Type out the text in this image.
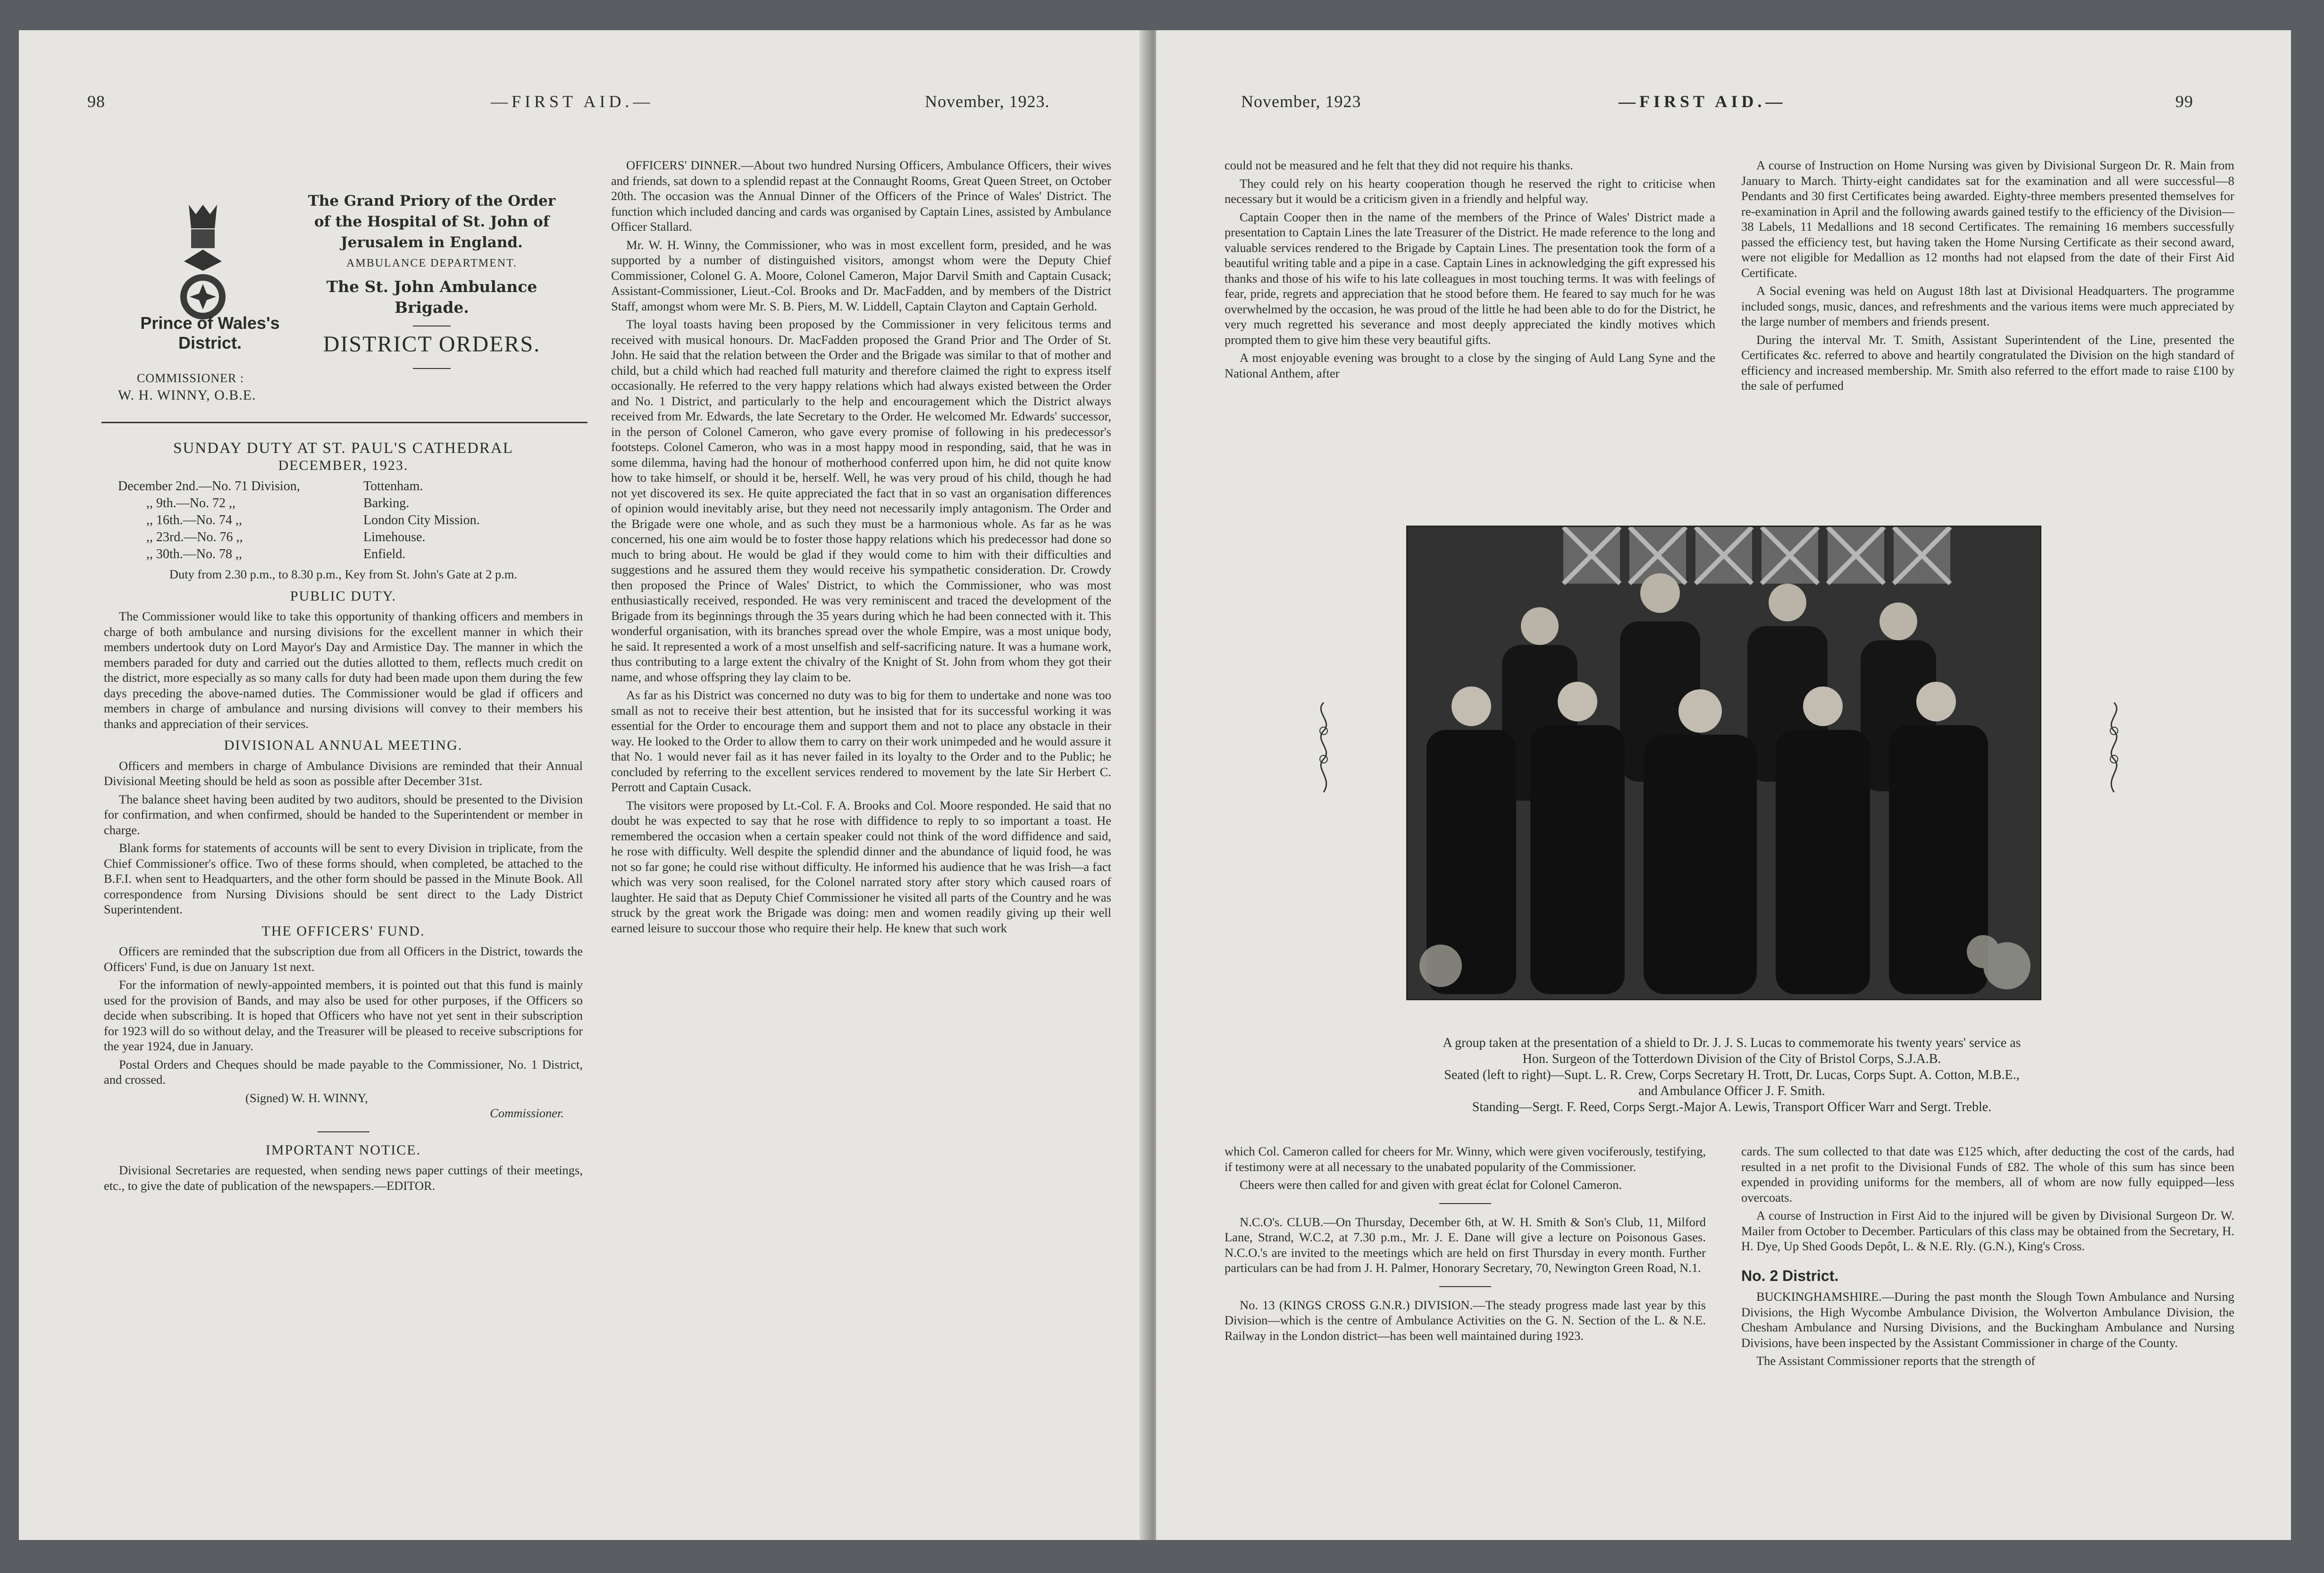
98	—FIRST AID.—	November, 1923.
The Grand Priory of the Order
of the Hospital of St. John of
Jerusalem in England.
AMBULANCE DEPARTMENT.
The St. John Ambulance Brigade.
DISTRICT ORDERS.
Prince of Wales's
District.
COMMISSIONER :
W. H. WINNY, O.B.E.
SUNDAY DUTY AT ST. PAUL'S CATHEDRAL
DECEMBER, 1923.
December 2nd.—No. 71 Division,	Tottenham.
,, 9th.—No. 72 ,,	Barking.
,, 16th.—No. 74 ,,	London City Mission.
,, 23rd.—No. 76 ,,	Limehouse.
,, 30th.—No. 78 ,,	Enfield.

Duty from 2.30 p.m., to 8.30 p.m., Key from St. John's Gate at 2 p.m.

PUBLIC DUTY.

The Commissioner would like to take this opportunity of thanking officers and members in charge of both ambulance and nursing divisions for the excellent manner in which their members undertook duty on Lord Mayor's Day and Armistice Day. The manner in which the members paraded for duty and carried out the duties allotted to them, reflects much credit on the district, more especially as so many calls for duty had been made upon them during the few days preceding the above-named duties. The Commissioner would be glad if officers and members in charge of ambulance and nursing divisions will convey to their members his thanks and appreciation of their services.

DIVISIONAL ANNUAL MEETING.

Officers and members in charge of Ambulance Divisions are reminded that their Annual Divisional Meeting should be held as soon as possible after December 31st.

The balance sheet having been audited by two auditors, should be presented to the Division for confirmation, and when confirmed, should be handed to the Superintendent or member in charge.

Blank forms for statements of accounts will be sent to every Division in triplicate, from the Chief Commissioner's office. Two of these forms should, when completed, be attached to the B.F.I. when sent to Headquarters, and the other form should be passed in the Minute Book. All correspondence from Nursing Divisions should be sent direct to the Lady District Superintendent.

THE OFFICERS' FUND.

Officers are reminded that the subscription due from all Officers in the District, towards the Officers' Fund, is due on January 1st next.

For the information of newly-appointed members, it is pointed out that this fund is mainly used for the provision of Bands, and may also be used for other purposes, if the Officers so decide when subscribing. It is hoped that Officers who have not yet sent in their subscription for 1923 will do so without delay, and the Treasurer will be pleased to receive subscriptions for the year 1924, due in January.

Postal Orders and Cheques should be made payable to the Commissioner, No. 1 District, and crossed.

(Signed) W. H. WINNY,
Commissioner.
IMPORTANT NOTICE.

Divisional Secretaries are requested, when sending news paper cuttings of their meetings, etc., to give the date of publication of the newspapers.—EDITOR.

OFFICERS' DINNER.—About two hundred Nursing Officers, Ambulance Officers, their wives and friends, sat down to a splendid repast at the Connaught Rooms, Great Queen Street, on October 20th. The occasion was the Annual Dinner of the Officers of the Prince of Wales' District. The function which included dancing and cards was organised by Captain Lines, assisted by Ambulance Officer Stallard.

Mr. W. H. Winny, the Commissioner, who was in most excellent form, presided, and he was supported by a number of distinguished visitors, amongst whom were the Deputy Chief Commissioner, Colonel G. A. Moore, Colonel Cameron, Major Darvil Smith and Captain Cusack; Assistant-Commissioner, Lieut.-Col. Brooks and Dr. MacFadden, and by members of the District Staff, amongst whom were Mr. S. B. Piers, M. W. Liddell, Captain Clayton and Captain Gerhold.

The loyal toasts having been proposed by the Commissioner in very felicitous terms and received with musical honours. Dr. MacFadden proposed the Grand Prior and The Order of St. John. He said that the relation between the Order and the Brigade was similar to that of mother and child, but a child which had reached full maturity and therefore claimed the right to express itself occasionally. He referred to the very happy relations which had always existed between the Order and No. 1 District, and particularly to the help and encouragement which the District always received from Mr. Edwards, the late Secretary to the Order. He welcomed Mr. Edwards' successor, in the person of Colonel Cameron, who gave every promise of following in his predecessor's footsteps. Colonel Cameron, who was in a most happy mood in responding, said, that he was in some dilemma, having had the honour of motherhood conferred upon him, he did not quite know how to take himself, or should it be, herself. Well, he was very proud of his child, though he had not yet discovered its sex. He quite appreciated the fact that in so vast an organisation differences of opinion would inevitably arise, but they need not necessarily imply antagonism. The Order and the Brigade were one whole, and as such they must be a harmonious whole. As far as he was concerned, his one aim would be to foster those happy relations which his predecessor had done so much to bring about. He would be glad if they would come to him with their difficulties and suggestions and he assured them they would receive his sympathetic consideration. Dr. Crowdy then proposed the Prince of Wales' District, to which the Commissioner, who was most enthusiastically received, responded. He was very reminiscent and traced the development of the Brigade from its beginnings through the 35 years during which he had been connected with it. This wonderful organisation, with its branches spread over the whole Empire, was a most unique body, he said. It represented a work of a most unselfish and self-sacrificing nature. It was a humane work, thus contributing to a large extent the chivalry of the Knight of St. John from whom they got their name, and whose offspring they lay claim to be.

As far as his District was concerned no duty was to big for them to undertake and none was too small as not to receive their best attention, but he insisted that for its successful working it was essential for the Order to encourage them and support them and not to place any obstacle in their way. He looked to the Order to allow them to carry on their work unimpeded and he would assure it that No. 1 would never fail as it has never failed in its loyalty to the Order and to the Public; he concluded by referring to the excellent services rendered to movement by the late Sir Herbert C. Perrott and Captain Cusack.

The visitors were proposed by Lt.-Col. F. A. Brooks and Col. Moore responded. He said that no doubt he was expected to say that he rose with diffidence to reply to so important a toast. He remembered the occasion when a certain speaker could not think of the word diffidence and said, he rose with difficulty. Well despite the splendid dinner and the abundance of liquid food, he was not so far gone; he could rise without difficulty. He informed his audience that he was Irish—a fact which was very soon realised, for the Colonel narrated story after story which caused roars of laughter. He said that as Deputy Chief Commissioner he visited all parts of the Country and he was struck by the great work the Brigade was doing: men and women readily giving up their well earned leisure to succour those who require their help. He knew that such work

November, 1923	—FIRST AID.—	99

could not be measured and he felt that they did not require his thanks.

They could rely on his hearty cooperation though he reserved the right to criticise when necessary but it would be a criticism given in a friendly and helpful way.

Captain Cooper then in the name of the members of the Prince of Wales' District made a presentation to Captain Lines the late Treasurer of the District. He made reference to the long and valuable services rendered to the Brigade by Captain Lines. The presentation took the form of a beautiful writing table and a pipe in a case. Captain Lines in acknowledging the gift expressed his thanks and those of his wife to his late colleagues in most touching terms. It was with feelings of fear, pride, regrets and appreciation that he stood before them. He feared to say much for he was overwhelmed by the occasion, he was proud of the little he had been able to do for the District, he very much regretted his severance and most deeply appreciated the kindly motives which prompted them to give him these very beautiful gifts.

A most enjoyable evening was brought to a close by the singing of Auld Lang Syne and the National Anthem, after

A course of Instruction on Home Nursing was given by Divisional Surgeon Dr. R. Main from January to March. Thirty-eight candidates sat for the examination and all were successful—8 Pendants and 30 first Certificates being awarded. Eighty-three members presented themselves for re-examination in April and the following awards gained testify to the efficiency of the Division—38 Labels, 11 Medallions and 18 second Certificates. The remaining 16 members successfully passed the efficiency test, but having taken the Home Nursing Certificate as their second award, were not eligible for Medallion as 12 months had not elapsed from the date of their First Aid Certificate.

A Social evening was held on August 18th last at Divisional Headquarters. The programme included songs, music, dances, and refreshments and the various items were much appreciated by the large number of members and friends present.

During the interval Mr. T. Smith, Assistant Superintendent of the Line, presented the Certificates &c. referred to above and heartily congratulated the Division on the high standard of efficiency and increased membership. Mr. Smith also referred to the effort made to raise £100 by the sale of perfumed

A group taken at the presentation of a shield to Dr. J. J. S. Lucas to commemorate his twenty years' service as
Hon. Surgeon of the Totterdown Division of the City of Bristol Corps, S.J.A.B.
Seated (left to right)—Supt. L. R. Crew, Corps Secretary H. Trott, Dr. Lucas, Corps Supt. A. Cotton, M.B.E.,
and Ambulance Officer J. F. Smith.
Standing—Sergt. F. Reed, Corps Sergt.-Major A. Lewis, Transport Officer Warr and Sergt. Treble.

which Col. Cameron called for cheers for Mr. Winny, which were given vociferously, testifying, if testimony were at all necessary to the unabated popularity of the Commissioner.

Cheers were then called for and given with great éclat for Colonel Cameron.

N.C.O's. CLUB.—On Thursday, December 6th, at W. H. Smith & Son's Club, 11, Milford Lane, Strand, W.C.2, at 7.30 p.m., Mr. J. E. Dane will give a lecture on Poisonous Gases. N.C.O.'s are invited to the meetings which are held on first Thursday in every month. Further particulars can be had from J. H. Palmer, Honorary Secretary, 70, Newington Green Road, N.1.

No. 13 (KINGS CROSS G.N.R.) DIVISION.—The steady progress made last year by this Division—which is the centre of Ambulance Activities on the G. N. Section of the L. & N.E. Railway in the London district—has been well maintained during 1923.

cards. The sum collected to that date was £125 which, after deducting the cost of the cards, had resulted in a net profit to the Divisional Funds of £82. The whole of this sum has since been expended in providing uniforms for the members, all of whom are now fully equipped—less overcoats.

A course of Instruction in First Aid to the injured will be given by Divisional Surgeon Dr. W. Mailer from October to December. Particulars of this class may be obtained from the Secretary, H. H. Dye, Up Shed Goods Depôt, L. & N.E. Rly. (G.N.), King's Cross.

No. 2 District.

BUCKINGHAMSHIRE.—During the past month the Slough Town Ambulance and Nursing Divisions, the High Wycombe Ambulance Division, the Wolverton Ambulance Division, the Chesham Ambulance and Nursing Divisions, and the Buckingham Ambulance and Nursing Divisions, have been inspected by the Assistant Commissioner in charge of the County.

The Assistant Commissioner reports that the strength of
